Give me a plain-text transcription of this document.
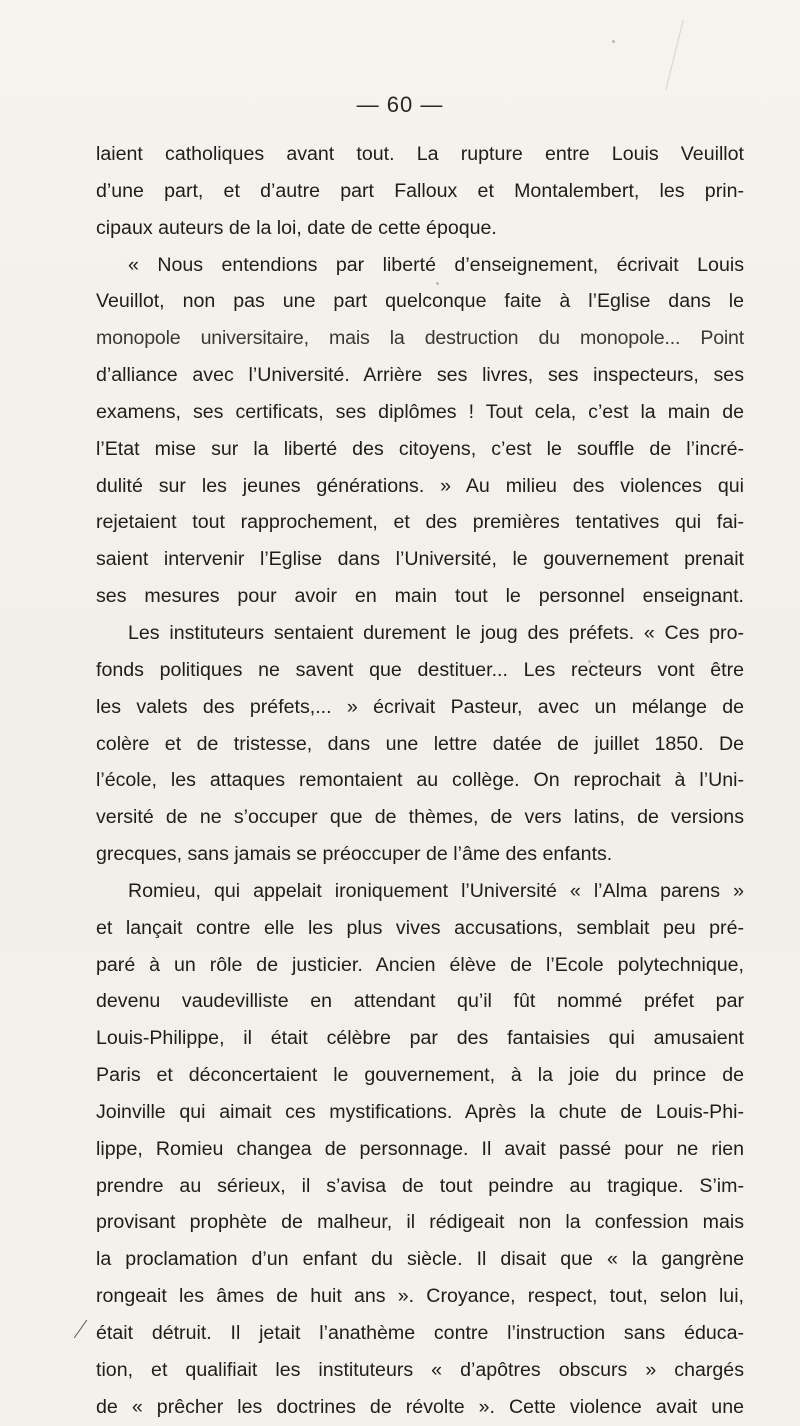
— 60 —
laient catholiques avant tout. La rupture entre Louis Veuillot
d’une part, et d’autre part Falloux et Montalembert, les prin-
cipaux auteurs de la loi, date de cette époque.
« Nous entendions par liberté d’enseignement, écrivait Louis
Veuillot, non pas une part quelconque faite à l’Eglise dans le
monopole universitaire, mais la destruction du monopole... Point
d’alliance avec l’Université. Arrière ses livres, ses inspecteurs, ses
examens, ses certificats, ses diplômes ! Tout cela, c’est la main de
l’Etat mise sur la liberté des citoyens, c’est le souffle de l’incré-
dulité sur les jeunes générations. » Au milieu des violences qui
rejetaient tout rapprochement, et des premières tentatives qui fai-
saient intervenir l’Eglise dans l’Université, le gouvernement prenait
ses mesures pour avoir en main tout le personnel enseignant.
Les instituteurs sentaient durement le joug des préfets. « Ces pro-
fonds politiques ne savent que destituer... Les recteurs vont être
les valets des préfets,... » écrivait Pasteur, avec un mélange de
colère et de tristesse, dans une lettre datée de juillet 1850. De
l’école, les attaques remontaient au collège. On reprochait à l’Uni-
versité de ne s’occuper que de thèmes, de vers latins, de versions
grecques, sans jamais se préoccuper de l’âme des enfants.
Romieu, qui appelait ironiquement l’Université « l’Alma parens »
et lançait contre elle les plus vives accusations, semblait peu pré-
paré à un rôle de justicier. Ancien élève de l’Ecole polytechnique,
devenu vaudevilliste en attendant qu’il fût nommé préfet par
Louis-Philippe, il était célèbre par des fantaisies qui amusaient
Paris et déconcertaient le gouvernement, à la joie du prince de
Joinville qui aimait ces mystifications. Après la chute de Louis-Phi-
lippe, Romieu changea de personnage. Il avait passé pour ne rien
prendre au sérieux, il s’avisa de tout peindre au tragique. S’im-
provisant prophète de malheur, il rédigeait non la confession mais
la proclamation d’un enfant du siècle. Il disait que « la gangrène
rongeait les âmes de huit ans ». Croyance, respect, tout, selon lui,
était détruit. Il jetait l’anathème contre l’instruction sans éduca-
tion, et qualifiait les instituteurs « d’apôtres obscurs » chargés
de « prêcher les doctrines de révolte ». Cette violence avait une
